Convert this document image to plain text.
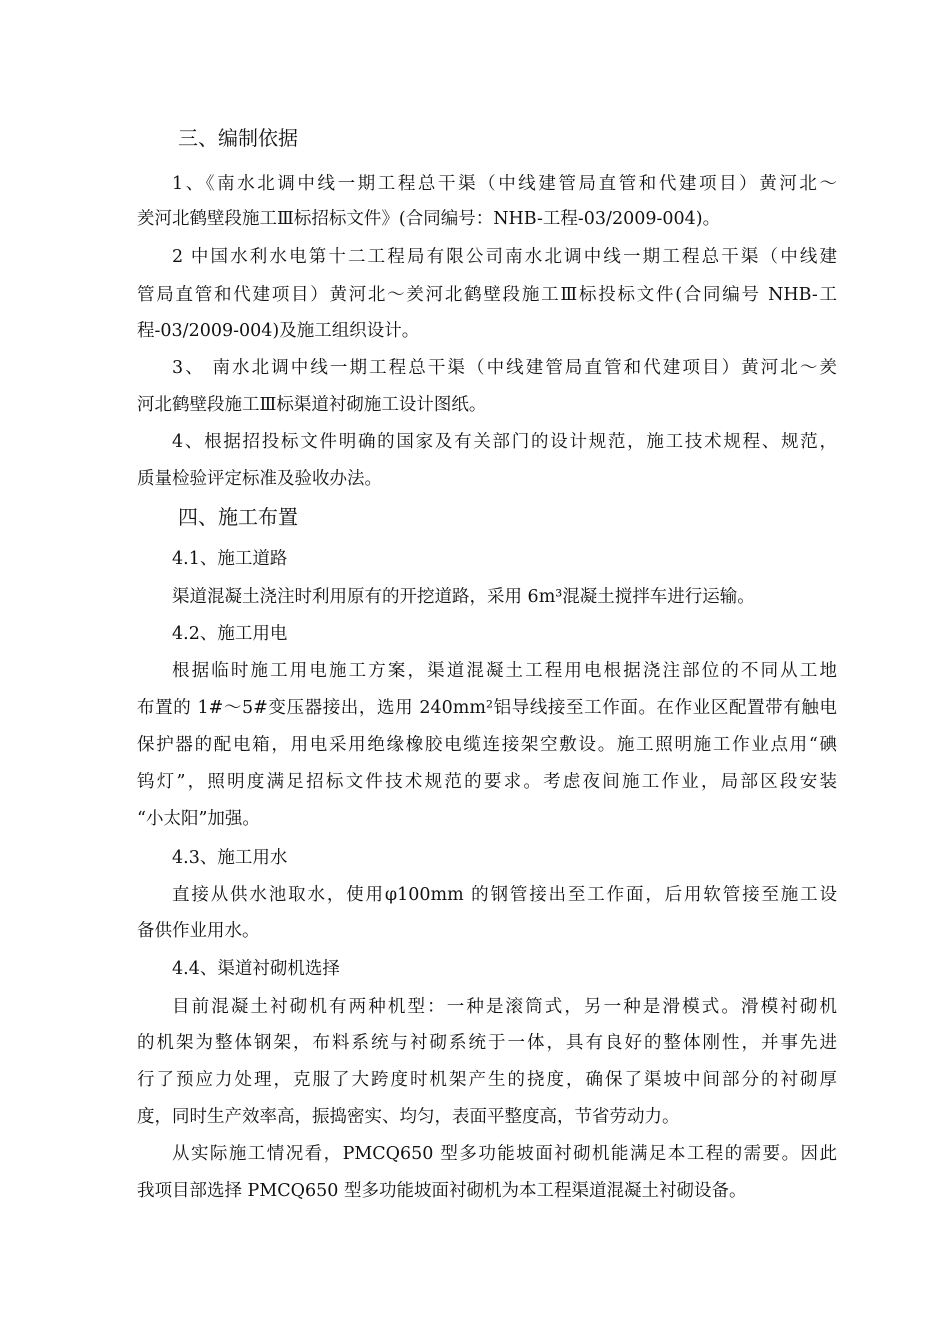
三、编制依据
1、《南水北调中线一期工程总干渠（中线建管局直管和代建项目）黄河北～
羑河北鹤壁段施工Ⅲ标招标文件》(合同编号：NHB-工程-03/2009-004)。
2 中国水利水电第十二工程局有限公司南水北调中线一期工程总干渠（中线建
管局直管和代建项目）黄河北～羑河北鹤壁段施工Ⅲ标投标文件(合同编号 NHB-工
程-03/2009-004)及施工组织设计。
3、 南水北调中线一期工程总干渠（中线建管局直管和代建项目）黄河北～羑
河北鹤壁段施工Ⅲ标渠道衬砌施工设计图纸。
4、根据招投标文件明确的国家及有关部门的设计规范，施工技术规程、规范，
质量检验评定标准及验收办法。
四、施工布置
4.1、施工道路
渠道混凝土浇注时利用原有的开挖道路，采用 6m³混凝土搅拌车进行运输。
4.2、施工用电
根据临时施工用电施工方案，渠道混凝土工程用电根据浇注部位的不同从工地
布置的 1#～5#变压器接出，选用 240mm²铝导线接至工作面。在作业区配置带有触电
保护器的配电箱，用电采用绝缘橡胶电缆连接架空敷设。施工照明施工作业点用“碘
钨灯”，照明度满足招标文件技术规范的要求。考虑夜间施工作业，局部区段安装
“小太阳”加强。
4.3、施工用水
直接从供水池取水，使用φ100mm 的钢管接出至工作面，后用软管接至施工设
备供作业用水。
4.4、渠道衬砌机选择
目前混凝土衬砌机有两种机型：一种是滚筒式，另一种是滑模式。滑模衬砌机
的机架为整体钢架，布料系统与衬砌系统于一体，具有良好的整体刚性，并事先进
行了预应力处理，克服了大跨度时机架产生的挠度，确保了渠坡中间部分的衬砌厚
度，同时生产效率高，振捣密实、均匀，表面平整度高，节省劳动力。
从实际施工情况看，PMCQ650 型多功能坡面衬砌机能满足本工程的需要。因此
我项目部选择 PMCQ650 型多功能坡面衬砌机为本工程渠道混凝土衬砌设备。
